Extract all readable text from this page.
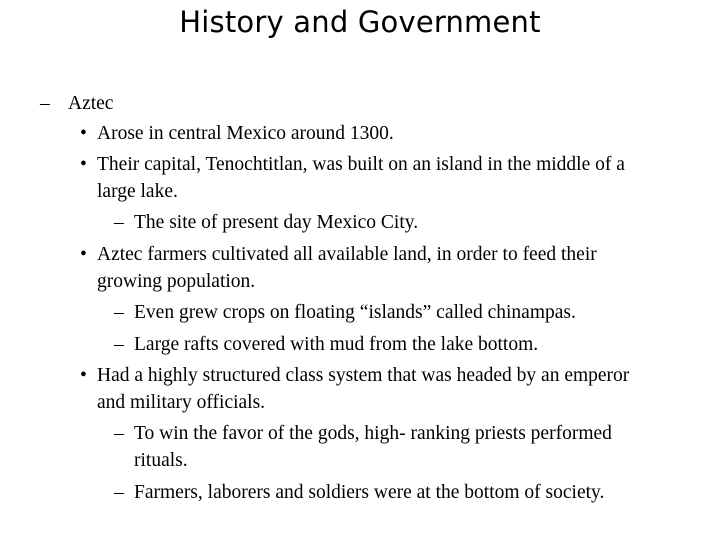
History and Government
– Aztec
• Arose in central Mexico around 1300.
• Their capital, Tenochtitlan, was built on an island in the middle of a
large lake.
– The site of present day Mexico City.
• Aztec farmers cultivated all available land, in order to feed their
growing population.
– Even grew crops on floating “islands” called chinampas.
– Large rafts covered with mud from the lake bottom.
• Had a highly structured class system that was headed by an emperor
and military officials.
– To win the favor of the gods, high- ranking priests performed
rituals.
– Farmers, laborers and soldiers were at the bottom of society.
